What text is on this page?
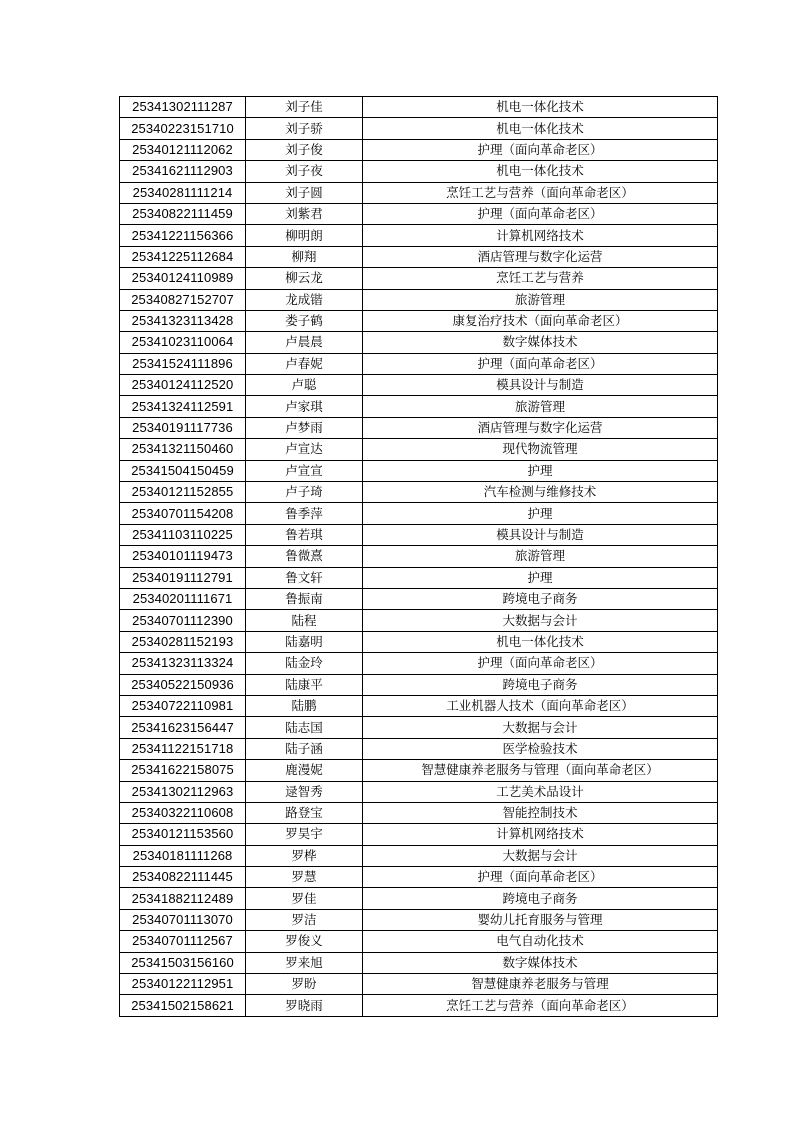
25341302111287	刘子佳	机电一体化技术
25340223151710	刘子骄	机电一体化技术
25340121112062	刘子俊	护理（面向革命老区）
25341621112903	刘子夜	机电一体化技术
25340281111214	刘子圆	烹饪工艺与营养（面向革命老区）
25340822111459	刘紫君	护理（面向革命老区）
25341221156366	柳明朗	计算机网络技术
25341225112684	柳翔	酒店管理与数字化运营
25340124110989	柳云龙	烹饪工艺与营养
25340827152707	龙成锴	旅游管理
25341323113428	娄子鹤	康复治疗技术（面向革命老区）
25341023110064	卢晨晨	数字媒体技术
25341524111896	卢春妮	护理（面向革命老区）
25340124112520	卢聪	模具设计与制造
25341324112591	卢家琪	旅游管理
25340191117736	卢梦雨	酒店管理与数字化运营
25341321150460	卢宣达	现代物流管理
25341504150459	卢宣宣	护理
25340121152855	卢子琦	汽车检测与维修技术
25340701154208	鲁季萍	护理
25341103110225	鲁若琪	模具设计与制造
25340101119473	鲁微熹	旅游管理
25340191112791	鲁文轩	护理
25340201111671	鲁振南	跨境电子商务
25340701112390	陆程	大数据与会计
25340281152193	陆嘉明	机电一体化技术
25341323113324	陆金玲	护理（面向革命老区）
25340522150936	陆康平	跨境电子商务
25340722110981	陆鹏	工业机器人技术（面向革命老区）
25341623156447	陆志国	大数据与会计
25341122151718	陆子涵	医学检验技术
25341622158075	鹿漫妮	智慧健康养老服务与管理（面向革命老区）
25341302112963	逯智秀	工艺美术品设计
25340322110608	路登宝	智能控制技术
25340121153560	罗昊宇	计算机网络技术
25340181111268	罗桦	大数据与会计
25340822111445	罗慧	护理（面向革命老区）
25341882112489	罗佳	跨境电子商务
25340701113070	罗洁	婴幼儿托育服务与管理
25340701112567	罗俊义	电气自动化技术
25341503156160	罗来旭	数字媒体技术
25340122112951	罗盼	智慧健康养老服务与管理
25341502158621	罗晓雨	烹饪工艺与营养（面向革命老区）
